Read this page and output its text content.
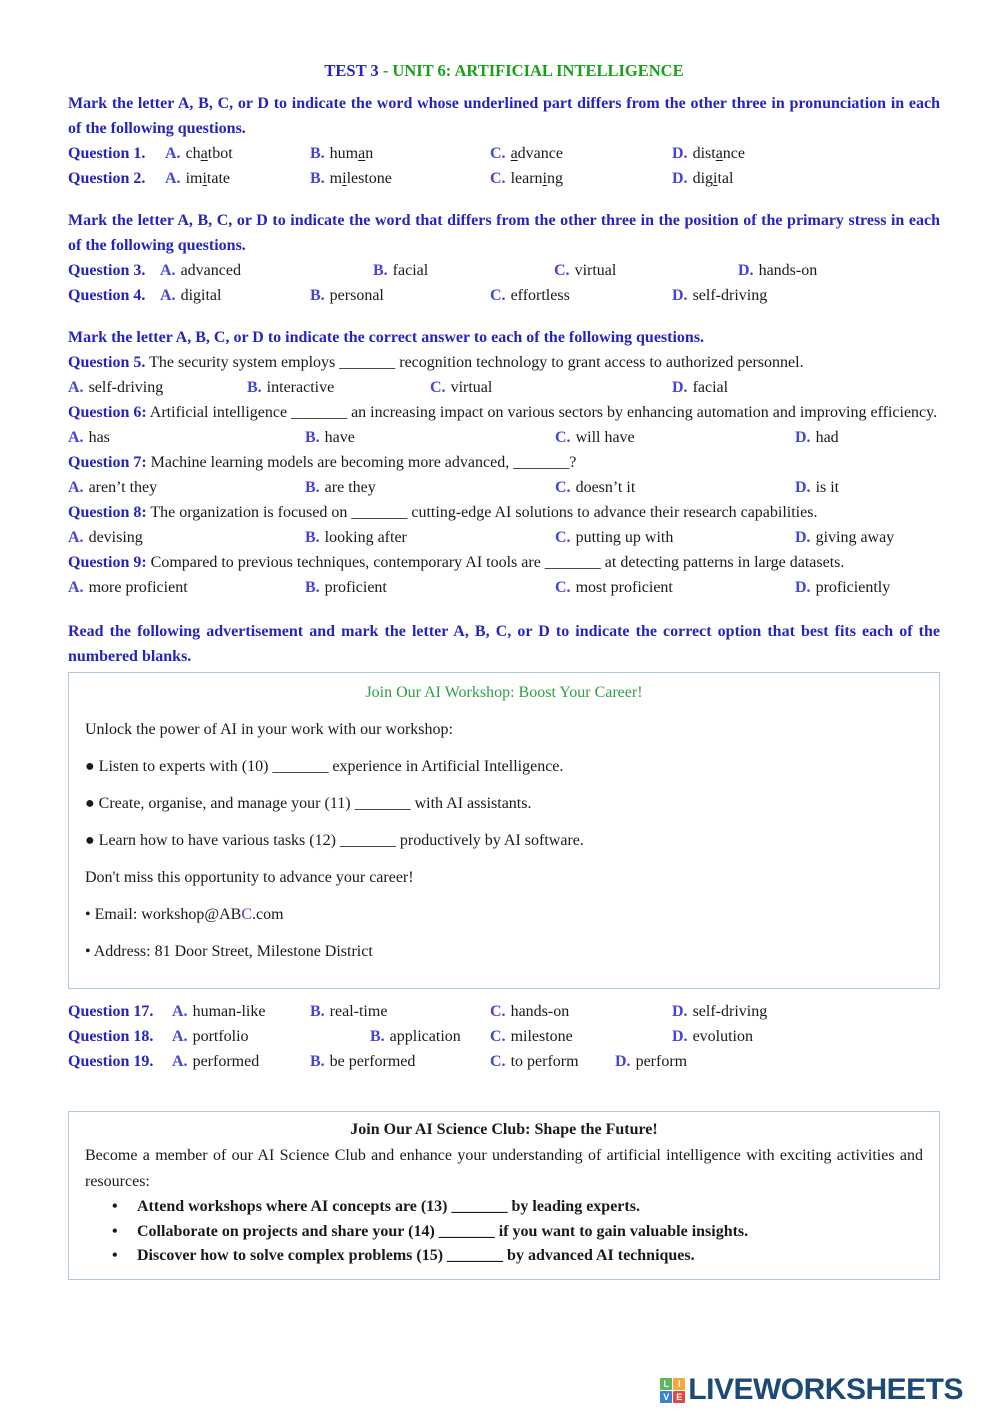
TEST 3 - UNIT 6: ARTIFICIAL INTELLIGENCE

Mark the letter A, B, C, or D to indicate the word whose underlined part differs from the other three in pronunciation in each of the following questions.

Question 1.	A. chatbot	B. human	C. advance	D. distance
Question 2.	A. imitate	B. milestone	C. learning	D. digital

Mark the letter A, B, C, or D to indicate the word that differs from the other three in the position of the primary stress in each of the following questions.

Question 3. A. advanced	B. facial	C. virtual	D. hands-on
Question 4. A. digital	B. personal	C. effortless	D. self-driving

Mark the letter A, B, C, or D to indicate the correct answer to each of the following questions.

Question 5. The security system employs _______ recognition technology to grant access to authorized personnel.

A. self-driving	B. interactive	C. virtual	D. facial

Question 6: Artificial intelligence _______ an increasing impact on various sectors by enhancing automation and improving efficiency.

A. has	B. have	C. will have	D. had

Question 7: Machine learning models are becoming more advanced, _______?

A. aren’t they	B. are they	C. doesn’t it	D. is it

Question 8: The organization is focused on _______ cutting-edge AI solutions to advance their research capabilities.

A. devising	B. looking after	C. putting up with	D. giving away

Question 9: Compared to previous techniques, contemporary AI tools are _______ at detecting patterns in large datasets.

A. more proficient	B. proficient	C. most proficient	D. proficiently

Read the following advertisement and mark the letter A, B, C, or D to indicate the correct option that best fits each of the numbered blanks.

Join Our AI Workshop: Boost Your Career!

Unlock the power of AI in your work with our workshop:

● Listen to experts with (10) _______ experience in Artificial Intelligence.

● Create, organise, and manage your (11) _______ with AI assistants.

● Learn how to have various tasks (12) _______ productively by AI software.

Don't miss this opportunity to advance your career!

• Email: workshop@ABC.com

• Address: 81 Door Street, Milestone District

Question 17.	A. human-like	B. real-time	C. hands-on	D. self-driving
Question 18.	A. portfolio	B. application	C. milestone	D. evolution
Question 19.	A. performed	B. be performed	C. to perform	D. perform

Join Our AI Science Club: Shape the Future!

Become a member of our AI Science Club and enhance your understanding of artificial intelligence with exciting activities and resources:

• Attend workshops where AI concepts are (13) _______ by leading experts.
• Collaborate on projects and share your (14) _______ if you want to gain valuable insights.
• Discover how to solve complex problems (15) _______ by advanced AI techniques.
L I
V E LIVEWORKSHEETS
